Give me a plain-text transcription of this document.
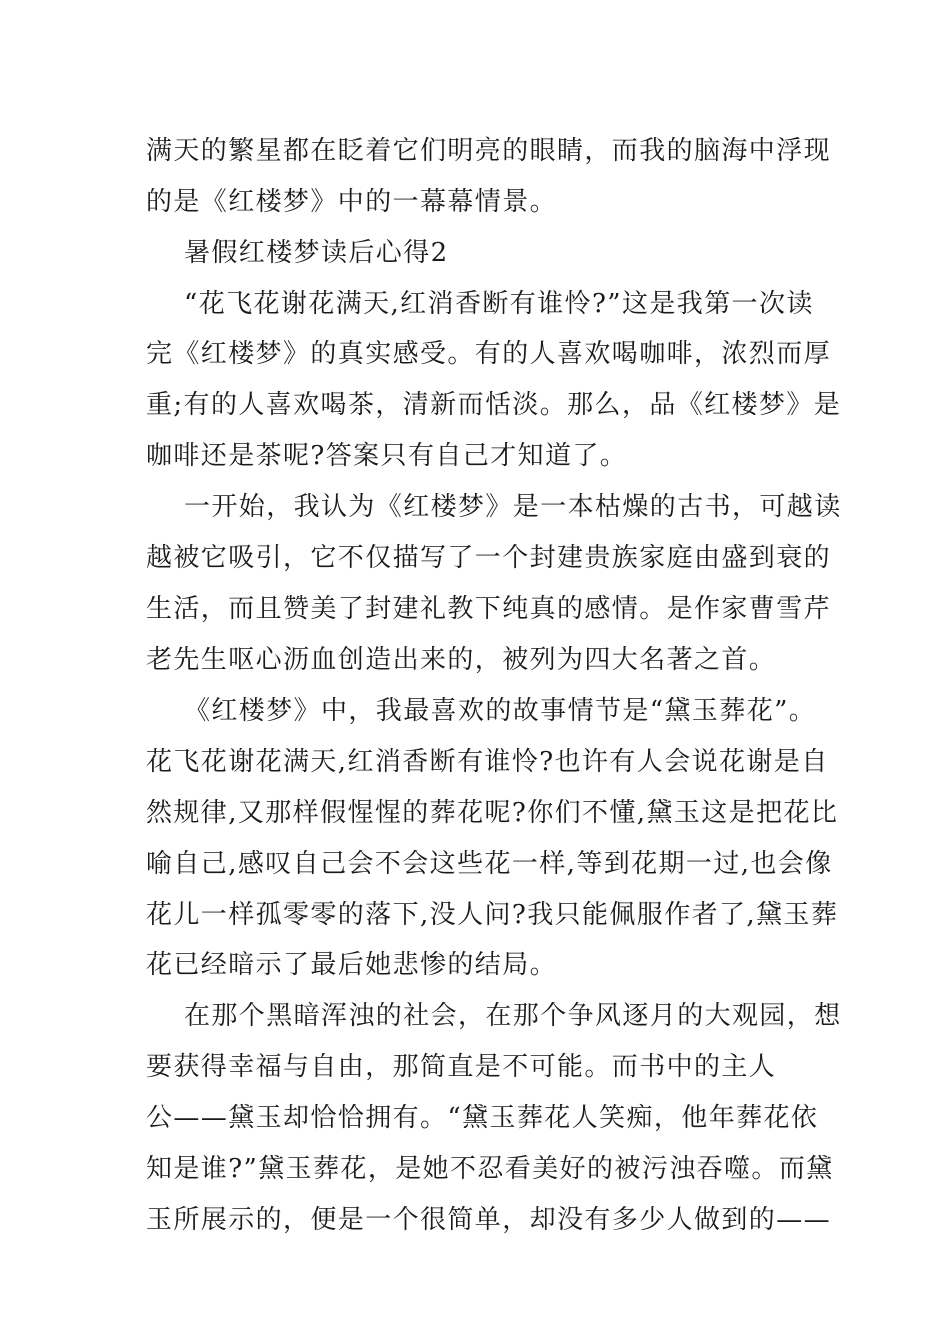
满天的繁星都在眨着它们明亮的眼睛，而我的脑海中浮现
的是《红楼梦》中的一幕幕情景。
暑假红楼梦读后心得2
“花飞花谢花满天,红消香断有谁怜?”这是我第一次读
完《红楼梦》的真实感受。有的人喜欢喝咖啡，浓烈而厚
重;有的人喜欢喝茶，清新而恬淡。那么，品《红楼梦》是
咖啡还是茶呢?答案只有自己才知道了。
一开始，我认为《红楼梦》是一本枯燥的古书，可越读
越被它吸引，它不仅描写了一个封建贵族家庭由盛到衰的
生活，而且赞美了封建礼教下纯真的感情。是作家曹雪芹
老先生呕心沥血创造出来的，被列为四大名著之首。
《红楼梦》中，我最喜欢的故事情节是“黛玉葬花”。
花飞花谢花满天,红消香断有谁怜?也许有人会说花谢是自
然规律,又那样假惺惺的葬花呢?你们不懂,黛玉这是把花比
喻自己,感叹自己会不会这些花一样,等到花期一过,也会像
花儿一样孤零零的落下,没人问?我只能佩服作者了,黛玉葬
花已经暗示了最后她悲惨的结局。
在那个黑暗浑浊的社会，在那个争风逐月的大观园，想
要获得幸福与自由，那简直是不可能。而书中的主人
公——黛玉却恰恰拥有。“黛玉葬花人笑痴，他年葬花依
知是谁?”黛玉葬花，是她不忍看美好的被污浊吞噬。而黛
玉所展示的，便是一个很简单，却没有多少人做到的——
